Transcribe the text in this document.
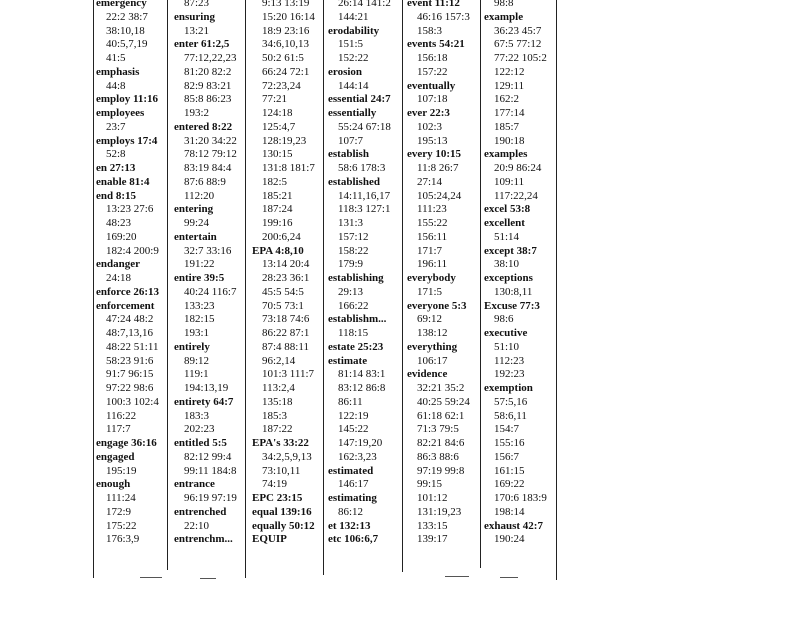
emergency
22:2 38:7
38:10,18
40:5,7,19
41:5
emphasis
44:8
employ 11:16
employees
23:7
employs 17:4
52:8
en 27:13
enable 81:4
end 8:15
13:23 27:6
48:23
169:20
182:4 200:9
endanger
24:18
enforce 26:13
enforcement
47:24 48:2
48:7,13,16
48:22 51:11
58:23 91:6
91:7 96:15
97:22 98:6
100:3 102:4
116:22
117:7
engage 36:16
engaged
195:19
enough
111:24
172:9
175:22
176:3,9
87:23
ensuring
13:21
enter 61:2,5
77:12,22,23
81:20 82:2
82:9 83:21
85:8 86:23
193:2
entered 8:22
31:20 34:22
78:12 79:12
83:19 84:4
87:6 88:9
112:20
entering
99:24
entertain
32:7 33:16
191:22
entire 39:5
40:24 116:7
133:23
182:15
193:1
entirely
89:12
119:1
194:13,19
entirety 64:7
183:3
202:23
entitled 5:5
82:12 99:4
99:11 184:8
entrance
96:19 97:19
entrenched
22:10
entrenchm...
9:13 13:19
15:20 16:14
18:9 23:16
34:6,10,13
50:2 61:5
66:24 72:1
72:23,24
77:21
124:18
125:4,7
128:19,23
130:15
131:8 181:7
182:5
185:21
187:24
199:16
200:6,24
EPA 4:8,10
13:14 20:4
28:23 36:1
45:5 54:5
70:5 73:1
73:18 74:6
86:22 87:1
87:4 88:11
96:2,14
101:3 111:7
113:2,4
135:18
185:3
187:22
EPA's 33:22
34:2,5,9,13
73:10,11
74:19
EPC 23:15
equal 139:16
equally 50:12
EQUIP
26:14 141:2
144:21
erodability
151:5
152:22
erosion
144:14
essential 24:7
essentially
55:24 67:18
107:7
establish
58:6 178:3
established
14:11,16,17
118:3 127:1
131:3
157:12
158:22
179:9
establishing
29:13
166:22
establishm...
118:15
estate 25:23
estimate
81:14 83:1
83:12 86:8
86:11
122:19
145:22
147:19,20
162:3,23
estimated
146:17
estimating
86:12
et 132:13
etc 106:6,7
event 11:12
46:16 157:3
158:3
events 54:21
156:18
157:22
eventually
107:18
ever 22:3
102:3
195:13
every 10:15
11:8 26:7
27:14
105:24,24
111:23
155:22
156:11
171:7
196:11
everybody
171:5
everyone 5:3
69:12
138:12
everything
106:17
evidence
32:21 35:2
40:25 59:24
61:18 62:1
71:3 79:5
82:21 84:6
86:3 88:6
97:19 99:8
99:15
101:12
131:19,23
133:15
139:17
98:8
example
36:23 45:7
67:5 77:12
77:22 105:2
122:12
129:11
162:2
177:14
185:7
190:18
examples
20:9 86:24
109:11
117:22,24
excel 53:8
excellent
51:14
except 38:7
38:10
exceptions
130:8,11
Excuse 77:3
98:6
executive
51:10
112:23
192:23
exemption
57:5,16
58:6,11
154:7
155:16
156:7
161:15
169:22
170:6 183:9
198:14
exhaust 42:7
190:24
